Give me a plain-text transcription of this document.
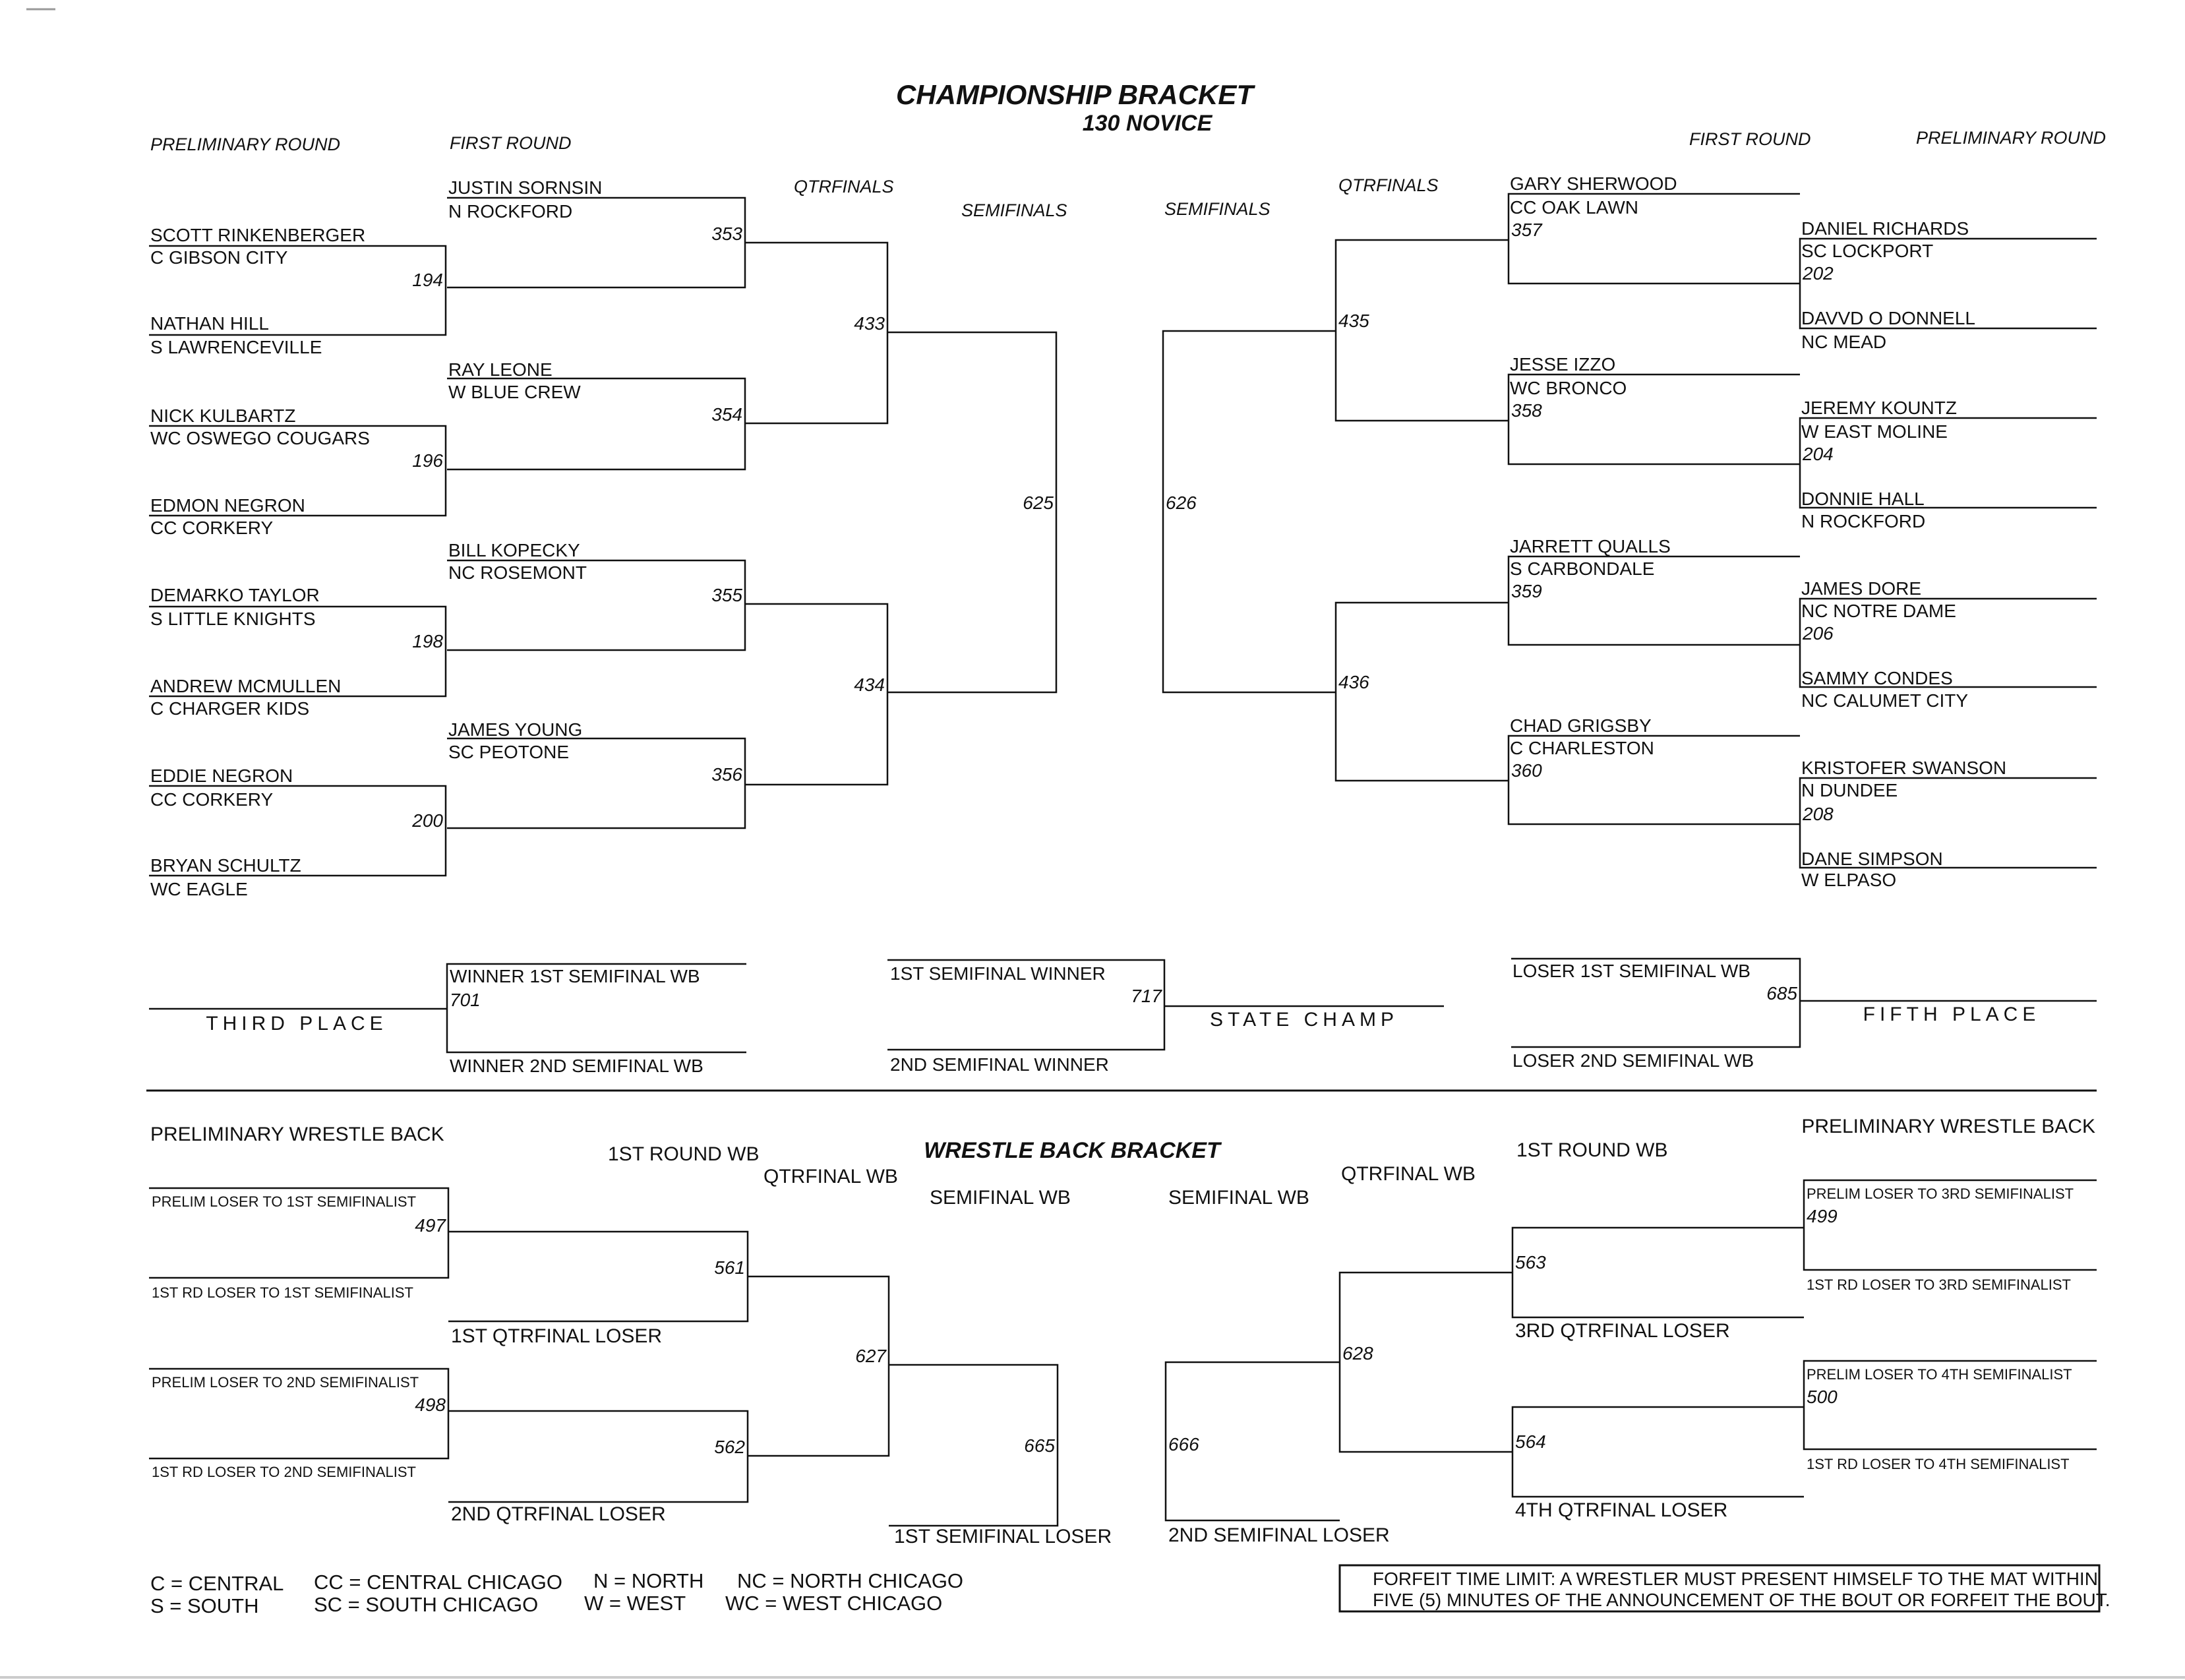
CHAMPIONSHIP BRACKET
130 NOVICE
PRELIMINARY ROUND	FIRST ROUND
QTRFINALS
SEMIFINALS	SEMIFINALS
QTRFINALS
FIRST ROUND	PRELIMINARY ROUND
SCOTT RINKENBERGER
C GIBSON CITY
NATHAN HILL
S LAWRENCEVILLE
NICK KULBARTZ
WC OSWEGO COUGARS
EDMON NEGRON
CC CORKERY
DEMARKO TAYLOR
S LITTLE KNIGHTS
ANDREW MCMULLEN
C CHARGER KIDS
EDDIE NEGRON
CC CORKERY
BRYAN SCHULTZ
WC EAGLE
JUSTIN SORNSIN
N ROCKFORD
RAY LEONE
W BLUE CREW
BILL KOPECKY
NC ROSEMONT
JAMES YOUNG
SC PEOTONE
194
196
198
200
353
354
355
356
433
434
625
GARY SHERWOOD
CC OAK LAWN
JESSE IZZO
WC BRONCO
JARRETT QUALLS
S CARBONDALE
CHAD GRIGSBY
C CHARLESTON
DANIEL RICHARDS
SC LOCKPORT
DAVVD O DONNELL
NC MEAD
JEREMY KOUNTZ
W EAST MOLINE
DONNIE HALL
N ROCKFORD
JAMES DORE
NC NOTRE DAME
SAMMY CONDES
NC CALUMET CITY
KRISTOFER SWANSON
N DUNDEE
DANE SIMPSON
W ELPASO
202
204
206
208
357
358
359
360
435
436
626
WINNER 1ST SEMIFINAL WB
701
WINNER 2ND SEMIFINAL WB
THIRD PLACE
1ST SEMIFINAL WINNER
717
2ND SEMIFINAL WINNER
STATE CHAMP
LOSER 1ST SEMIFINAL WB
685
LOSER 2ND SEMIFINAL WB
FIFTH PLACE
WRESTLE BACK BRACKET
PRELIMINARY WRESTLE BACK	PRELIMINARY WRESTLE BACK
1ST ROUND WB	1ST ROUND WB
QTRFINAL WB	QTRFINAL WB
SEMIFINAL WB	SEMIFINAL WB
PRELIM LOSER TO 1ST SEMIFINALIST
1ST RD LOSER TO 1ST SEMIFINALIST
PRELIM LOSER TO 2ND SEMIFINALIST
1ST RD LOSER TO 2ND SEMIFINALIST
1ST QTRFINAL LOSER
2ND QTRFINAL LOSER
1ST SEMIFINAL LOSER
497
498
561
562
627
665
PRELIM LOSER TO 3RD SEMIFINALIST
499
1ST RD LOSER TO 3RD SEMIFINALIST
PRELIM LOSER TO 4TH SEMIFINALIST
500
1ST RD LOSER TO 4TH SEMIFINALIST
3RD QTRFINAL LOSER
4TH QTRFINAL LOSER
2ND SEMIFINAL LOSER
563
564
628
666
C = CENTRAL
S = SOUTH
CC = CENTRAL CHICAGO
SC = SOUTH CHICAGO
N = NORTH
W = WEST
NC = NORTH CHICAGO
WC = WEST CHICAGO
FORFEIT TIME LIMIT: A WRESTLER MUST PRESENT HIMSELF TO THE MAT WITHIN
FIVE (5) MINUTES OF THE ANNOUNCEMENT OF THE BOUT OR FORFEIT THE BOUT.
